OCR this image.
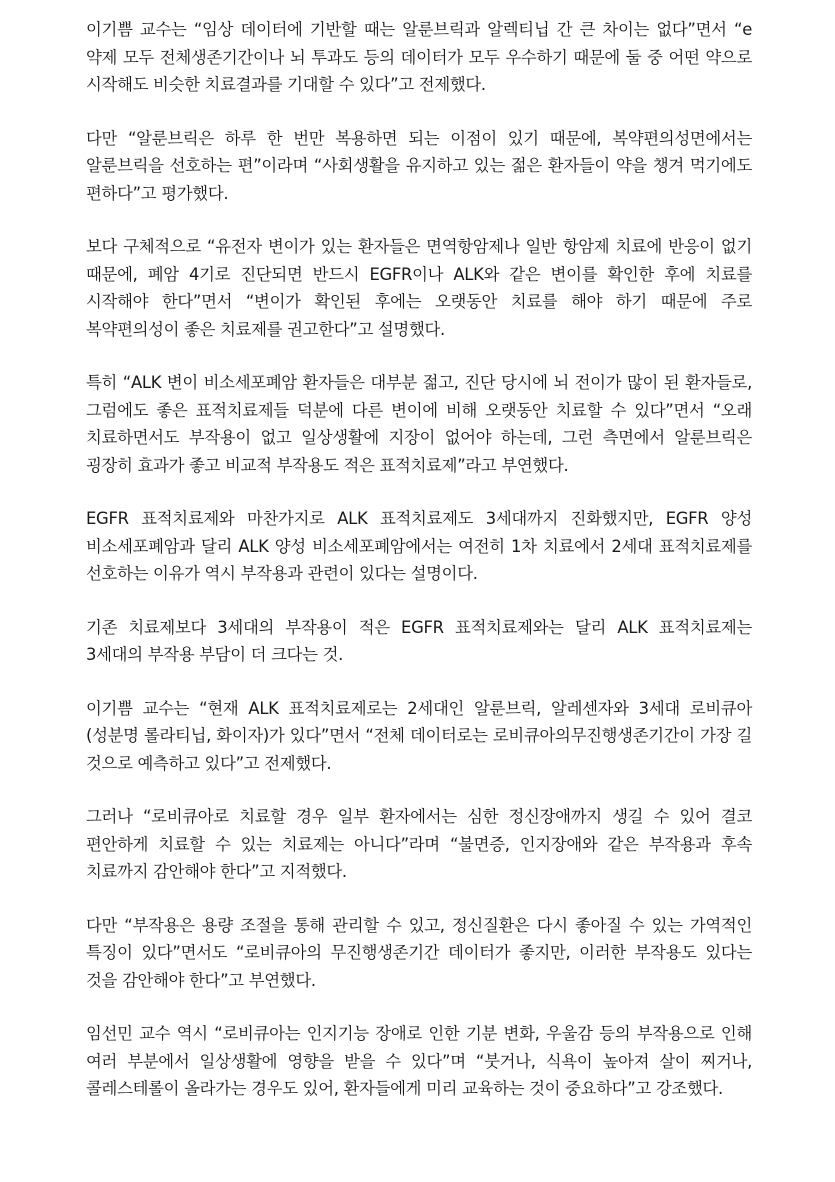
이기쁨 교수는 “임상 데이터에 기반할 때는 알룬브릭과 알렉티닙 간 큰 차이는 없다”면서 “e 약제 모두 전체생존기간이나 뇌 투과도 등의 데이터가 모두 우수하기 때문에 둘 중 어떤 약으로 시작해도 비슷한 치료결과를 기대할 수 있다”고 전제했다.

다만 “알룬브릭은 하루 한 번만 복용하면 되는 이점이 있기 때문에, 복약편의성면에서는 알룬브릭을 선호하는 편”이라며 “사회생활을 유지하고 있는 젊은 환자들이 약을 챙겨 먹기에도 편하다”고 평가했다.

보다 구체적으로 “유전자 변이가 있는 환자들은 면역항암제나 일반 항암제 치료에 반응이 없기 때문에, 폐암 4기로 진단되면 반드시 EGFR이나 ALK와 같은 변이를 확인한 후에 치료를 시작해야 한다”면서 “변이가 확인된 후에는 오랫동안 치료를 해야 하기 때문에 주로 복약편의성이 좋은 치료제를 권고한다”고 설명했다.

특히 “ALK 변이 비소세포폐암 환자들은 대부분 젊고, 진단 당시에 뇌 전이가 많이 된 환자들로, 그럼에도 좋은 표적치료제들 덕분에 다른 변이에 비해 오랫동안 치료할 수 있다”면서 “오래 치료하면서도 부작용이 없고 일상생활에 지장이 없어야 하는데, 그런 측면에서 알룬브릭은 굉장히 효과가 좋고 비교적 부작용도 적은 표적치료제”라고 부연했다.

EGFR 표적치료제와 마찬가지로 ALK 표적치료제도 3세대까지 진화했지만, EGFR 양성 비소세포폐암과 달리 ALK 양성 비소세포폐암에서는 여전히 1차 치료에서 2세대 표적치료제를 선호하는 이유가 역시 부작용과 관련이 있다는 설명이다.

기존 치료제보다 3세대의 부작용이 적은 EGFR 표적치료제와는 달리 ALK 표적치료제는 3세대의 부작용 부담이 더 크다는 것.

이기쁨 교수는 “현재 ALK 표적치료제로는 2세대인 알룬브릭, 알레센자와 3세대 로비큐아(성분명 롤라티닙, 화이자)가 있다”면서 “전체 데이터로는 로비큐아의무진행생존기간이 가장 길 것으로 예측하고 있다”고 전제했다.

그러나 “로비큐아로 치료할 경우 일부 환자에서는 심한 정신장애까지 생길 수 있어 결코 편안하게 치료할 수 있는 치료제는 아니다”라며 “불면증, 인지장애와 같은 부작용과 후속 치료까지 감안해야 한다”고 지적했다.

다만 “부작용은 용량 조절을 통해 관리할 수 있고, 정신질환은 다시 좋아질 수 있는 가역적인 특징이 있다”면서도 “로비큐아의 무진행생존기간 데이터가 좋지만, 이러한 부작용도 있다는 것을 감안해야 한다”고 부연했다.

임선민 교수 역시 “로비큐아는 인지기능 장애로 인한 기분 변화, 우울감 등의 부작용으로 인해 여러 부분에서 일상생활에 영향을 받을 수 있다”며 “붓거나, 식욕이 높아져 살이 찌거나, 콜레스테롤이 올라가는 경우도 있어, 환자들에게 미리 교육하는 것이 중요하다”고 강조했다.
